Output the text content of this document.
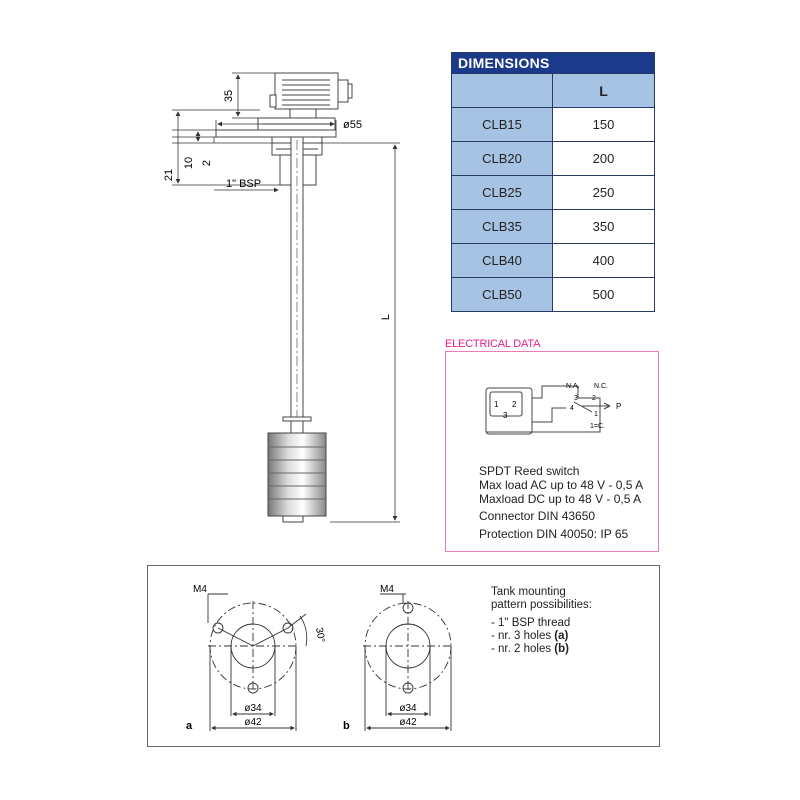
35
ø55
21
10 2
1" BSP
L
DIMENSIONS	
	L
CLB15	150
CLB20	200
CLB25	250
CLB35	350
CLB40	400
CLB50	500
ELECTRICAL DATA
N.A. N.C.
P
1=C.
1 2
3	1
2
3
4
SPDT Reed switch
Max load AC up to 48 V - 0,5 A
Maxload DC up to 48 V - 0,5 A
Connector DIN 43650
Protection DIN 40050: IP 65
M4
30°
ø34
ø42
a
M4
ø34
ø42
b
Tank mounting
pattern possibilities:
- 1" BSP thread
- nr. 3 holes (a)
- nr. 2 holes (b)
